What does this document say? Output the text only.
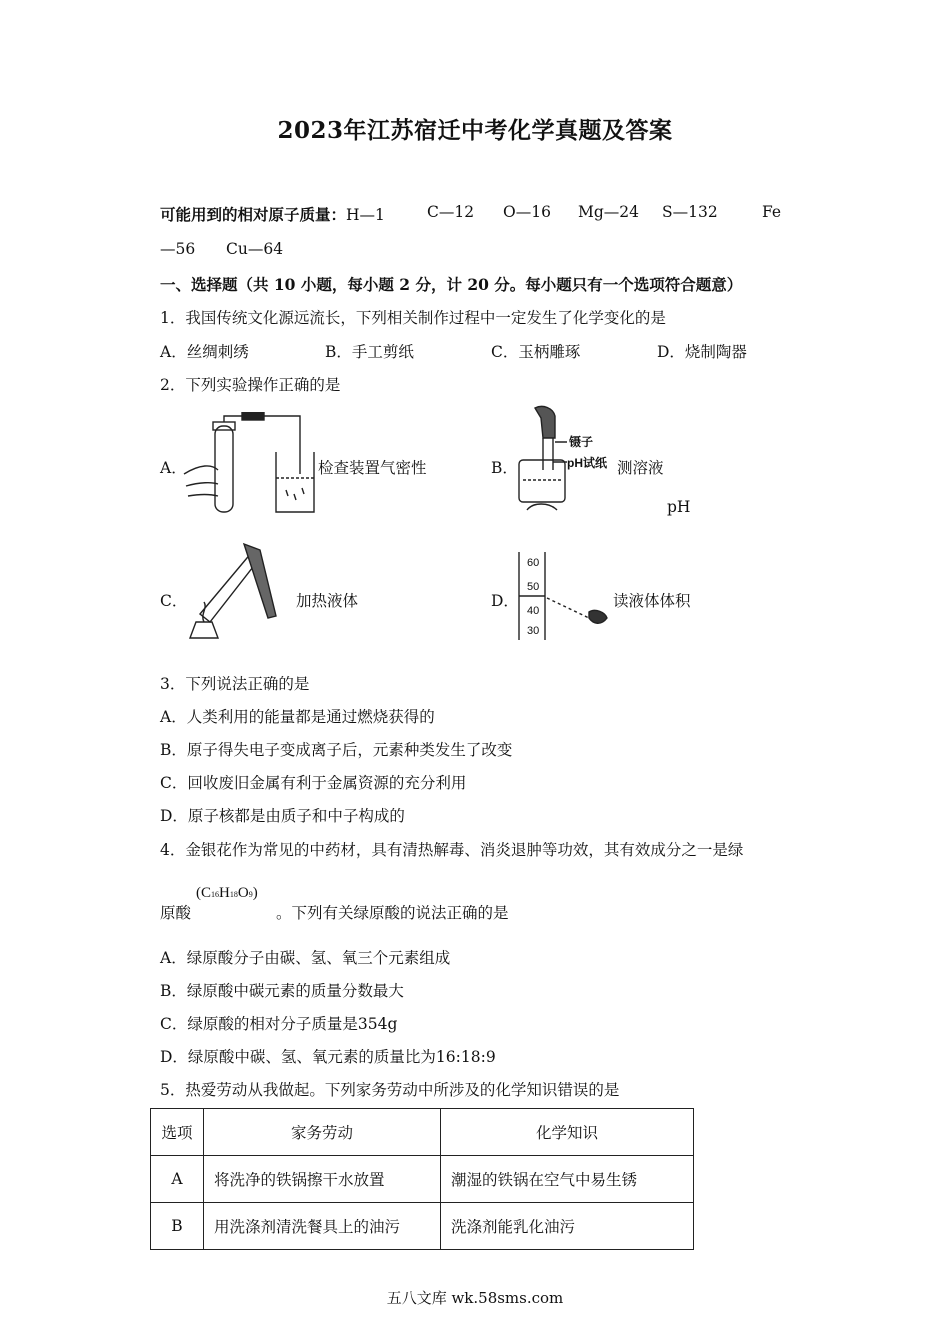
2023年江苏宿迁中考化学真题及答案
可能用到的相对原子质量：H—1	C—12 O—16 Mg—24 S—132	Fe
—56 Cu—64
一、选择题（共 10 小题，每小题 2 分，计 20 分。每小题只有一个选项符合题意）
1．我国传统文化源远流长，下列相关制作过程中一定发生了化学变化的是
A．丝绸刺绣	B．手工剪纸	C．玉柄雕琢	D．烧制陶器
2．下列实验操作正确的是
A．	检查装置气密性	B．
镊子
pH试纸 测溶液
pH
C．	加热液体	D．
60
50
40
30
读液体体积
3．下列说法正确的是
A．人类利用的能量都是通过燃烧获得的
B．原子得失电子变成离子后，元素种类发生了改变
C．回收废旧金属有利于金属资源的充分利用
D．原子核都是由质子和中子构成的
4．金银花作为常见的中药材，具有清热解毒、消炎退肿等功效，其有效成分之一是绿
原酸
(C16H18O9)
。下列有关绿原酸的说法正确的是
A．绿原酸分子由碳、氢、氧三个元素组成
B．绿原酸中碳元素的质量分数最大
C．绿原酸的相对分子质量是354g
D．绿原酸中碳、氢、氧元素的质量比为16:18:9
5．热爱劳动从我做起。下列家务劳动中所涉及的化学知识错误的是
选项	家务劳动	化学知识
A	将洗净的铁锅擦干水放置	潮湿的铁锅在空气中易生锈
B	用洗涤剂清洗餐具上的油污	洗涤剂能乳化油污
五八文库 wk.58sms.com
